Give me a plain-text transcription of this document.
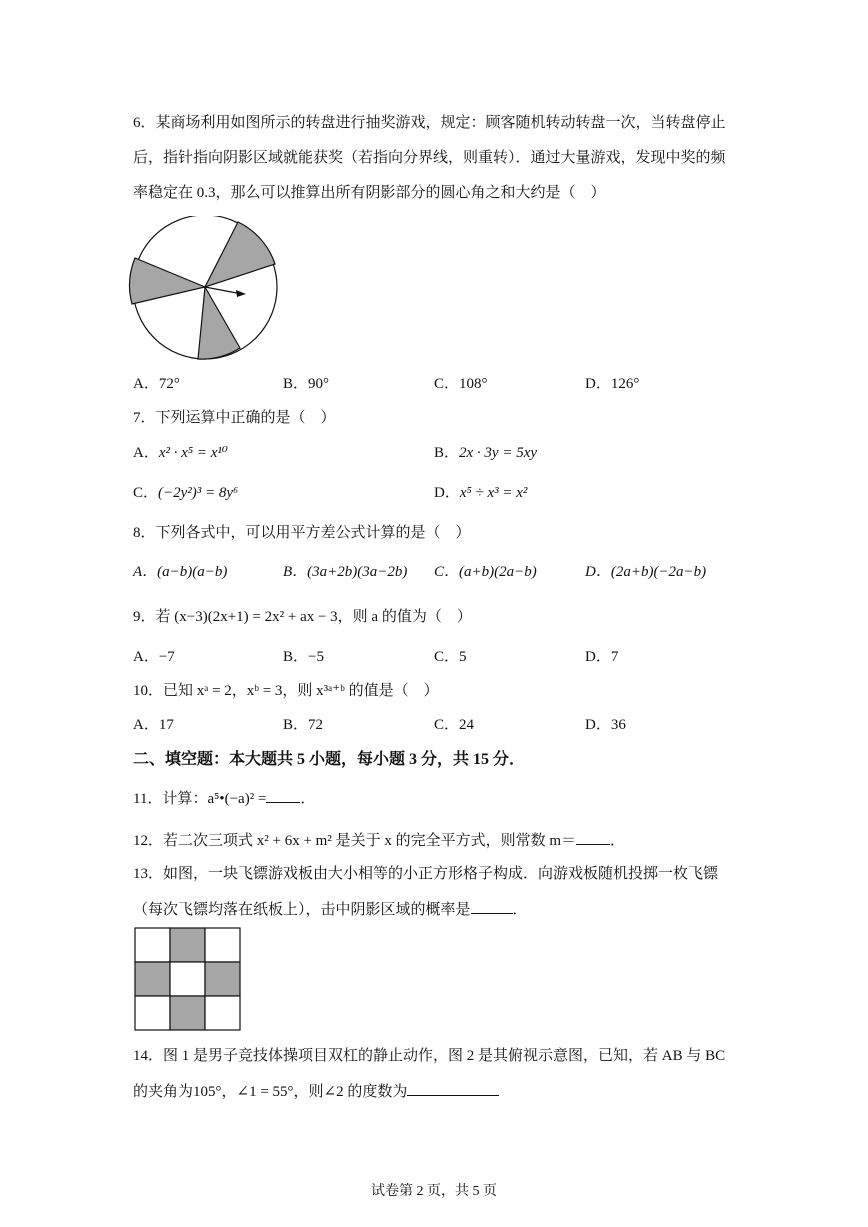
6．某商场利用如图所示的转盘进行抽奖游戏，规定：顾客随机转动转盘一次，当转盘停止
后，指针指向阴影区域就能获奖（若指向分界线，则重转）．通过大量游戏，发现中奖的频
率稳定在 0.3，那么可以推算出所有阴影部分的圆心角之和大约是（　）
A．72°	B．90°	C．108°	D．126°
7．下列运算中正确的是（　）
A．x² · x⁵ = x¹⁰	B．2x · 3y = 5xy
C．(−2y²)³ = 8y⁶	D．x⁵ ÷ x³ = x²
8．下列各式中，可以用平方差公式计算的是（　）
A．(a−b)(a−b)	B．(3a+2b)(3a−2b) C．(a+b)(2a−b)	D．(2a+b)(−2a−b)
9．若 (x−3)(2x+1) = 2x² + ax − 3，则 a 的值为（　）
A．−7	B．−5	C．5	D．7
10．已知 xᵃ = 2，xᵇ = 3，则 x³ᵃ⁺ᵇ 的值是（　）
A．17	B．72	C．24	D．36
二、填空题：本大题共 5 小题，每小题 3 分，共 15 分．
11．计算：a⁵•(−a)² = ．
12．若二次三项式 x² + 6x + m² 是关于 x 的完全平方式，则常数 m＝ ．
13．如图，一块飞镖游戏板由大小相等的小正方形格子构成．向游戏板随机投掷一枚飞镖
（每次飞镖均落在纸板上），击中阴影区域的概率是	．
14．图 1 是男子竞技体操项目双杠的静止动作，图 2 是其俯视示意图，已知，若 AB 与 BC
的夹角为105°，∠1 = 55°，则∠2 的度数为
试卷第 2 页，共 5 页
